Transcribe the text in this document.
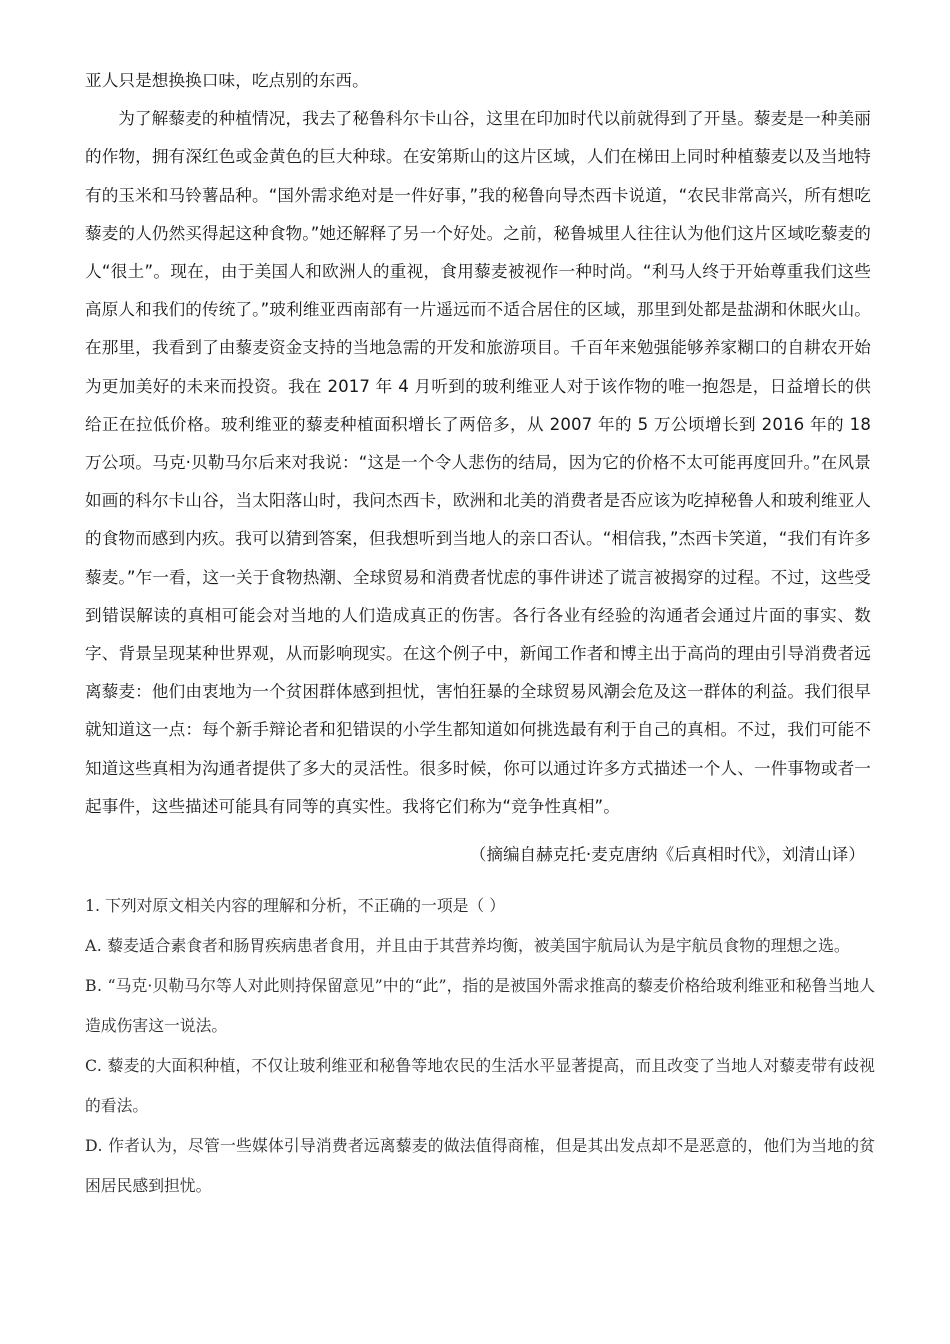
亚人只是想换换口味，吃点别的东西。

为了解藜麦的种植情况，我去了秘鲁科尔卡山谷，这里在印加时代以前就得到了开垦。藜麦是一种美丽的作物，拥有深红色或金黄色的巨大种球。在安第斯山的这片区域，人们在梯田上同时种植藜麦以及当地特有的玉米和马铃薯品种。“国外需求绝对是一件好事，”我的秘鲁向导杰西卡说道，“农民非常高兴，所有想吃藜麦的人仍然买得起这种食物。”她还解释了另一个好处。之前，秘鲁城里人往往认为他们这片区域吃藜麦的人“很土”。现在，由于美国人和欧洲人的重视，食用藜麦被视作一种时尚。“利马人终于开始尊重我们这些高原人和我们的传统了。”玻利维亚西南部有一片遥远而不适合居住的区域，那里到处都是盐湖和休眠火山。在那里，我看到了由藜麦资金支持的当地急需的开发和旅游项目。千百年来勉强能够养家糊口的自耕农开始为更加美好的未来而投资。我在 2017 年 4 月听到的玻利维亚人对于该作物的唯一抱怨是，日益增长的供给正在拉低价格。玻利维亚的藜麦种植面积增长了两倍多，从 2007 年的 5 万公顷增长到 2016 年的 18 万公项。马克·贝勒马尔后来对我说：“这是一个令人悲伤的结局，因为它的价格不太可能再度回升。”在风景如画的科尔卡山谷，当太阳落山时，我问杰西卡，欧洲和北美的消费者是否应该为吃掉秘鲁人和玻利维亚人的食物而感到内疚。我可以猜到答案，但我想听到当地人的亲口否认。“相信我，”杰西卡笑道，“我们有许多藜麦。”乍一看，这一关于食物热潮、全球贸易和消费者忧虑的事件讲述了谎言被揭穿的过程。不过，这些受到错误解读的真相可能会对当地的人们造成真正的伤害。各行各业有经验的沟通者会通过片面的事实、数字、背景呈现某种世界观，从而影响现实。在这个例子中，新闻工作者和博主出于高尚的理由引导消费者远离藜麦：他们由衷地为一个贫困群体感到担忧，害怕狂暴的全球贸易风潮会危及这一群体的利益。我们很早就知道这一点：每个新手辩论者和犯错误的小学生都知道如何挑选最有利于自己的真相。不过，我们可能不知道这些真相为沟通者提供了多大的灵活性。很多时候，你可以通过许多方式描述一个人、一件事物或者一起事件，这些描述可能具有同等的真实性。我将它们称为“竞争性真相”。

（摘编自赫克托·麦克唐纳《后真相时代》，刘清山译）

1. 下列对原文相关内容的理解和分析，不正确的一项是（ ）

A. 藜麦适合素食者和肠胃疾病患者食用，并且由于其营养均衡，被美国宇航局认为是宇航员食物的理想之选。

B. “马克·贝勒马尔等人对此则持保留意见”中的“此”，指的是被国外需求推高的藜麦价格给玻利维亚和秘鲁当地人造成伤害这一说法。

C. 藜麦的大面积种植，不仅让玻利维亚和秘鲁等地农民的生活水平显著提高，而且改变了当地人对藜麦带有歧视的看法。

D. 作者认为，尽管一些媒体引导消费者远离藜麦的做法值得商榷，但是其出发点却不是恶意的，他们为当地的贫困居民感到担忧。
